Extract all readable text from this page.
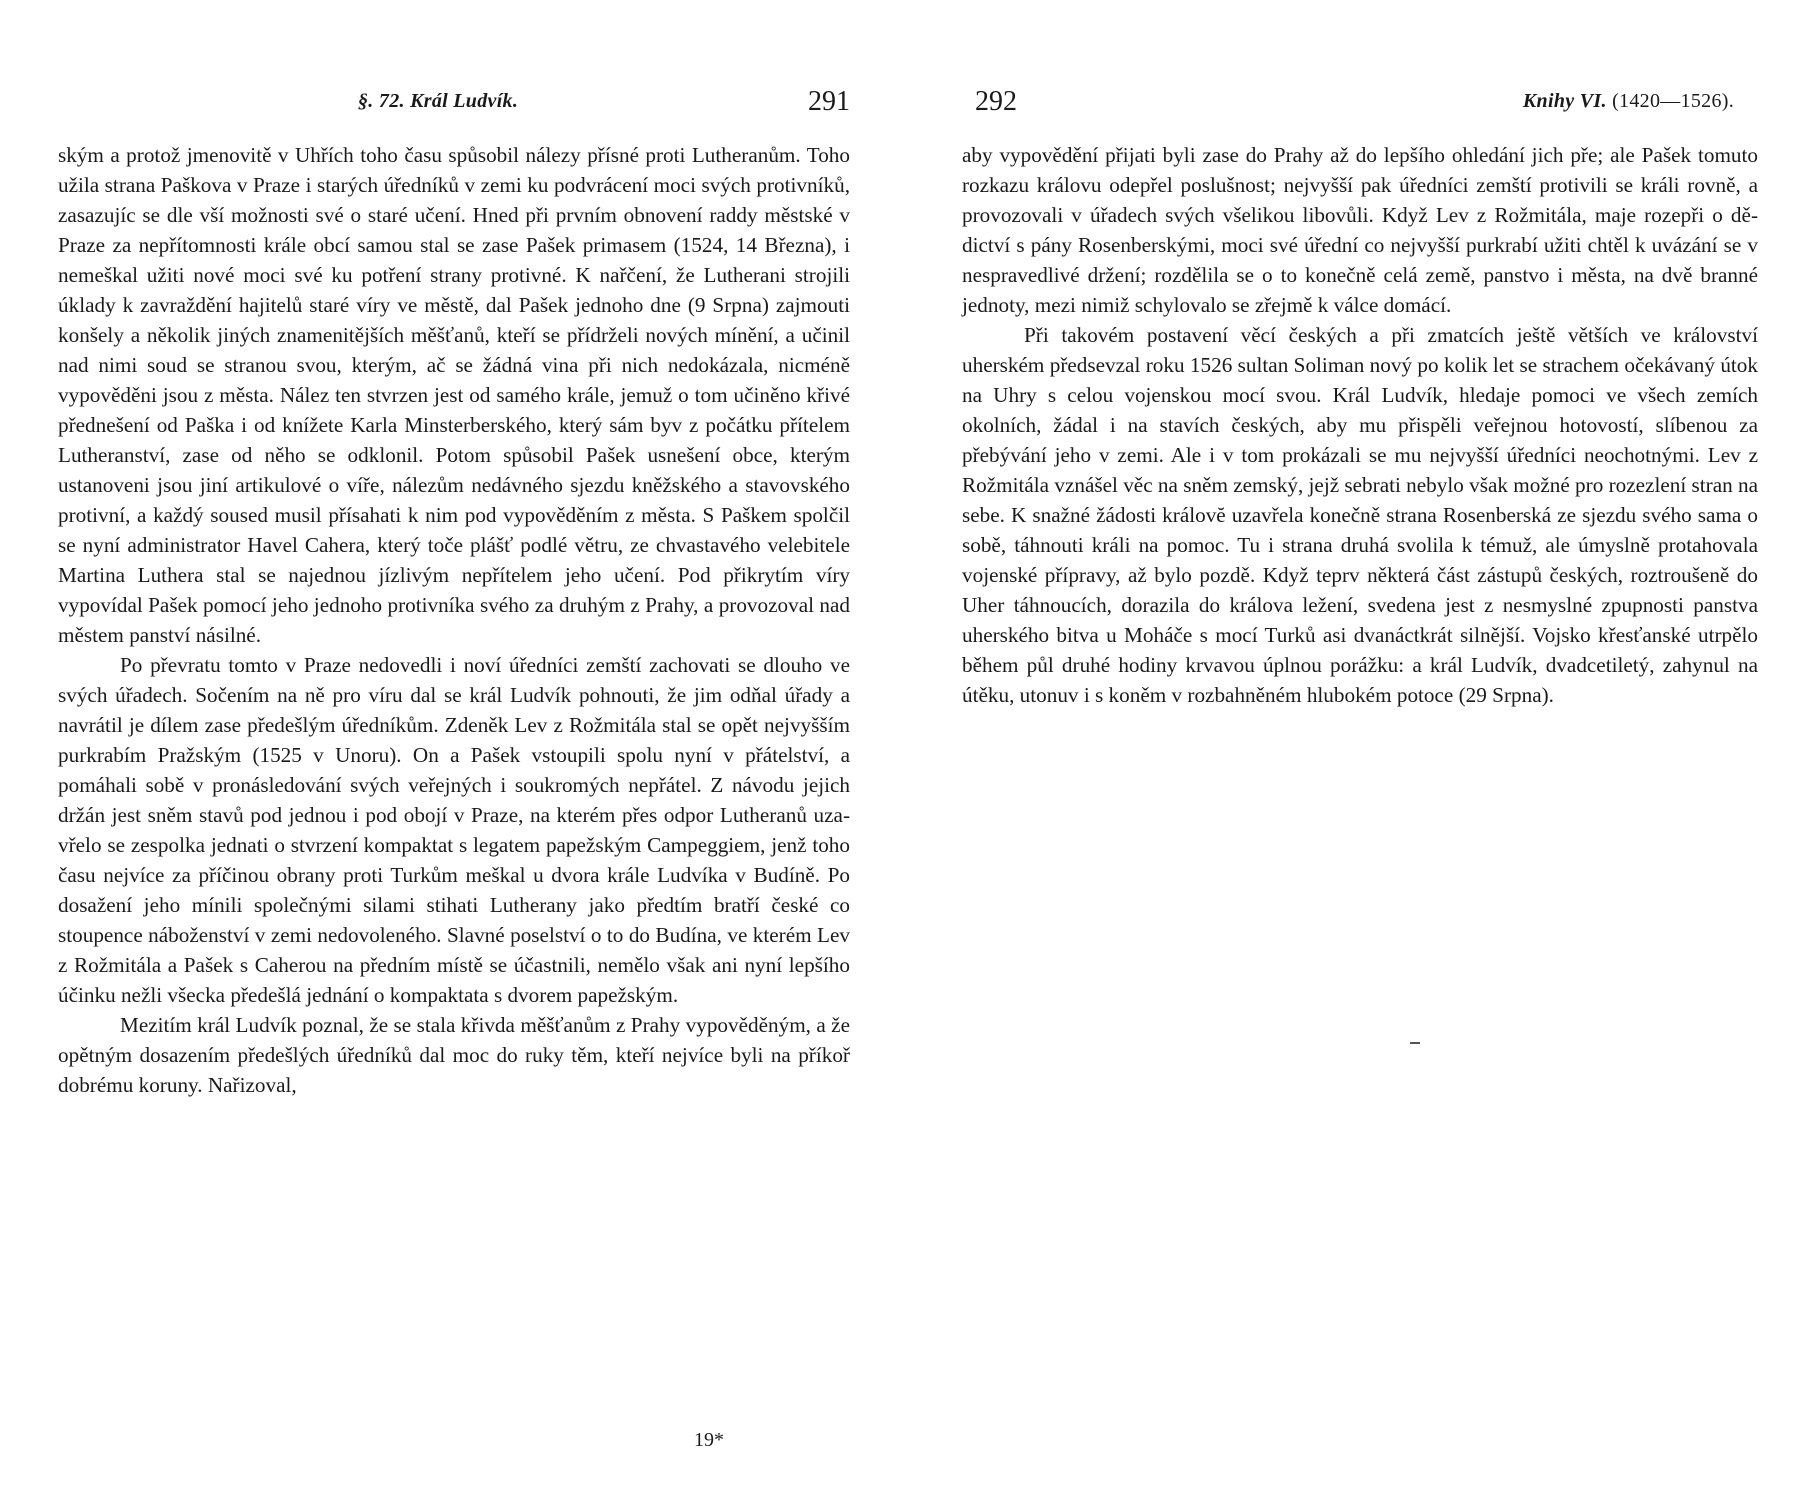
§. 72. Král Ludvík.	291

ským a protož jmenovitě v Uhřích toho času spůsobil nálezy přísné proti Lutheranům. Toho užila strana Paškova v Praze i starých úředníků v zemi ku podvrácení moci svých protivníků, zasazujíc se dle vší možnosti své o staré učení. Hned při prvním obnovení raddy městské v Praze za nepřítomnosti krále obcí samou stal se zase Pašek primasem (1524, 14 Března), i nemeškal užiti nové moci své ku potření strany protivné. K nařčení, že Lutherani strojili úklady k zavraždění hajitelů staré víry ve městě, dal Pašek jednoho dne (9 Srpna) zajmouti konšely a několik jiných znamenitějších měšťanů, kteří se přídrželi nových mínění, a učinil nad nimi soud se stranou svou, kterým, ač se žádná vina při nich nedokázala, nicméně vypověděni jsou z města. Nález ten stvrzen jest od samého krále, jemuž o tom učiněno křivé přednešení od Paška i od knížete Karla Minsterberského, který sám byv z počátku přítelem Lutheranství, zase od něho se odklonil. Potom spůsobil Pašek usnešení obce, kterým ustanoveni jsou jiní artikulové o víře, nálezům nedávného sjezdu kněžského a stavovského protivní, a každý soused musil přísahati k nim pod vypověděním z města. S Paškem spolčil se nyní administrator Havel Cahera, který toče plášť podlé větru, ze chvastavého velebitele Martina Luthera stal se najednou jízlivým nepřítelem jeho učení. Pod přikrytím víry vypovídal Pašek pomocí jeho jednoho protivníka svého za druhým z Prahy, a provozoval nad městem panství násilné.

Po převratu tomto v Praze nedovedli i noví úředníci zemští zachovati se dlouho ve svých úřadech. Sočením na ně pro víru dal se král Ludvík pohnouti, že jim odňal úřady a navrátil je dílem zase předešlým úředníkům. Zdeněk Lev z Rožmitála stal se opět nejvyšším purkrabím Pražským (1525 v Unoru). On a Pašek vstoupili spolu nyní v přátelství, a pomáhali sobě v pronásledování svých veřejných i soukromých nepřátel. Z návodu jejich držán jest sněm stavů pod jednou i pod obojí v Praze, na kterém přes odpor Lutheranů uzavřelo se zespolka jednati o stvrzení kompaktat s legatem papežským Campeggiem, jenž toho času nejvíce za příčinou obrany proti Turkům meškal u dvora krále Ludvíka v Budíně. Po dosažení jeho mínili společnými silami stihati Lutherany jako předtím bratří české co stoupence náboženství v zemi nedovoleného. Slavné poselství o to do Budína, ve kterém Lev z Rožmitála a Pašek s Caherou na předním místě se účastnili, nemělo však ani nyní lepšího účinku nežli všecka předešlá jednání o kompaktata s dvorem papežským.

Mezitím král Ludvík poznal, že se stala křivda měšťanům z Prahy vypověděným, a že opětným dosazením předešlých úředníků dal moc do ruky těm, kteří nejvíce byli na příkoř dobrému koruny. Nařizoval,

19*
292	Knihy VI. (1420—1526).

aby vypovědění přijati byli zase do Prahy až do lepšího ohledání jich pře; ale Pašek tomuto rozkazu královu odepřel poslušnost; nejvyšší pak úředníci zemští protivili se králi rovně, a provozovali v úřadech svých všelikou libovůli. Když Lev z Rožmitála, maje rozepři o dědictví s pány Rosenberskými, moci své úřední co nejvyšší purkrabí užiti chtěl k uvázání se v nespravedlivé držení; rozdělila se o to konečně celá země, panstvo i města, na dvě branné jednoty, mezi nimiž schylovalo se zřejmě k válce domácí.

Při takovém postavení věcí českých a při zmatcích ještě větších ve království uherském předsevzal roku 1526 sultan Soliman nový po kolik let se strachem očekávaný útok na Uhry s celou vojenskou mocí svou. Král Ludvík, hledaje pomoci ve všech zemích okolních, žádal i na stavích českých, aby mu přispěli veřejnou hotovostí, slíbenou za přebývání jeho v zemi. Ale i v tom prokázali se mu nejvyšší úředníci neochotnými. Lev z Rožmitála vznášel věc na sněm zemský, jejž sebrati nebylo však možné pro rozezlení stran na sebe. K snažné žádosti královĕ uzavřela konečně strana Rosenberská ze sjezdu svého sama o sobě, táhnouti králi na pomoc. Tu i strana druhá svolila k témuž, ale úmyslně protahovala vojenské přípravy, až bylo pozdě. Když teprv některá část zástupů českých, roztroušeně do Uher táhnoucích, dorazila do králova ležení, svedena jest z nesmyslné zpupnosti panstva uherského bitva u Moháče s mocí Turků asi dvanáctkrát silnější. Vojsko křesťanské utrpělo během půl druhé hodiny krvavou úplnou porážku: a král Ludvík, dvadcetiletý, zahynul na útěku, utonuv i s koněm v rozbahněném hlubokém potoce (29 Srpna).
